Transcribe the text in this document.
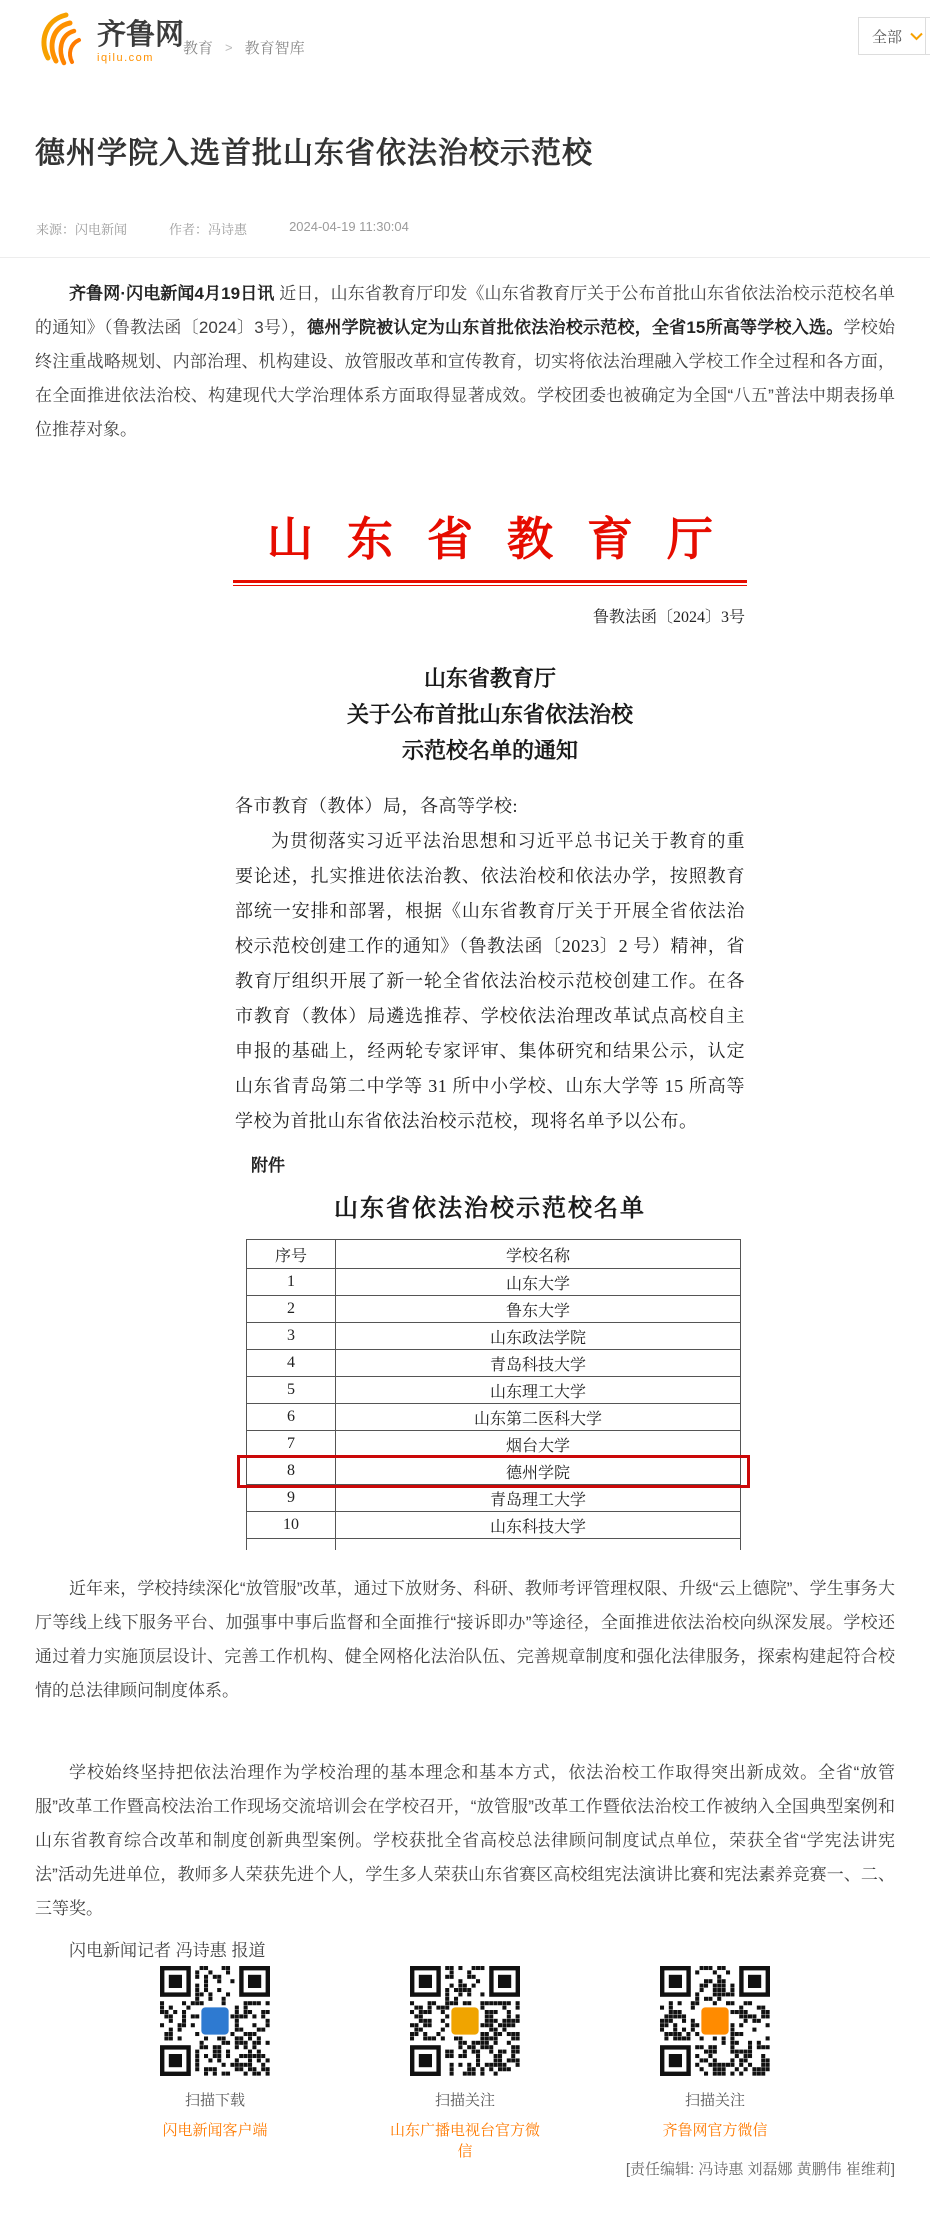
齐鲁网
iqilu.com
教育 > 教育智库
全部
德州学院入选首批山东省依法治校示范校
来源：闪电新闻	作者：冯诗惠	2024-04-19 11:30:04

齐鲁网·闪电新闻4月19日讯 近日，山东省教育厅印发《山东省教育厅关于公布首批山东省依法治校示范校名单的通知》（鲁教法函〔2024〕3号），德州学院被认定为山东首批依法治校示范校，全省15所高等学校入选。学校始终注重战略规划、内部治理、机构建设、放管服改革和宣传教育，切实将依法治理融入学校工作全过程和各方面，在全面推进依法治校、构建现代大学治理体系方面取得显著成效。学校团委也被确定为全国“八五”普法中期表扬单位推荐对象。

山东省教育厅
鲁教法函〔2024〕3号
山东省教育厅
关于公布首批山东省依法治校
示范校名单的通知
各市教育（教体）局，各高等学校:
为贯彻落实习近平法治思想和习近平总书记关于教育的重要论述，扎实推进依法治教、依法治校和依法办学，按照教育部统一安排和部署，根据《山东省教育厅关于开展全省依法治校示范校创建工作的通知》（鲁教法函〔2023〕2 号）精神，省教育厅组织开展了新一轮全省依法治校示范校创建工作。在各市教育（教体）局遴选推荐、学校依法治理改革试点高校自主申报的基础上，经两轮专家评审、集体研究和结果公示，认定山东省青岛第二中学等 31 所中小学校、山东大学等 15 所高等学校为首批山东省依法治校示范校，现将名单予以公布。
附件
山东省依法治校示范校名单
序号	学校名称
1	山东大学
2	鲁东大学
3	山东政法学院
4	青岛科技大学
5	山东理工大学
6	山东第二医科大学
7	烟台大学
8	德州学院
9	青岛理工大学
10	山东科技大学

近年来，学校持续深化“放管服”改革，通过下放财务、科研、教师考评管理权限、升级“云上德院”、学生事务大厅等线上线下服务平台、加强事中事后监督和全面推行“接诉即办”等途径，全面推进依法治校向纵深发展。学校还通过着力实施顶层设计、完善工作机构、健全网格化法治队伍、完善规章制度和强化法律服务，探索构建起符合校情的总法律顾问制度体系。

学校始终坚持把依法治理作为学校治理的基本理念和基本方式，依法治校工作取得突出新成效。全省“放管服”改革工作暨高校法治工作现场交流培训会在学校召开，“放管服”改革工作暨依法治校工作被纳入全国典型案例和山东省教育综合改革和制度创新典型案例。学校获批全省高校总法律顾问制度试点单位，荣获全省“学宪法讲宪法”活动先进单位，教师多人荣获先进个人，学生多人荣获山东省赛区高校组宪法演讲比赛和宪法素养竞赛一、二、三等奖。

闪电新闻记者 冯诗惠 报道

扫描下载
闪电新闻客户端
扫描关注
山东广播电视台官方微信
扫描关注
齐鲁网官方微信
[责任编辑: 冯诗惠 刘磊娜 黄鹏伟 崔维莉]
